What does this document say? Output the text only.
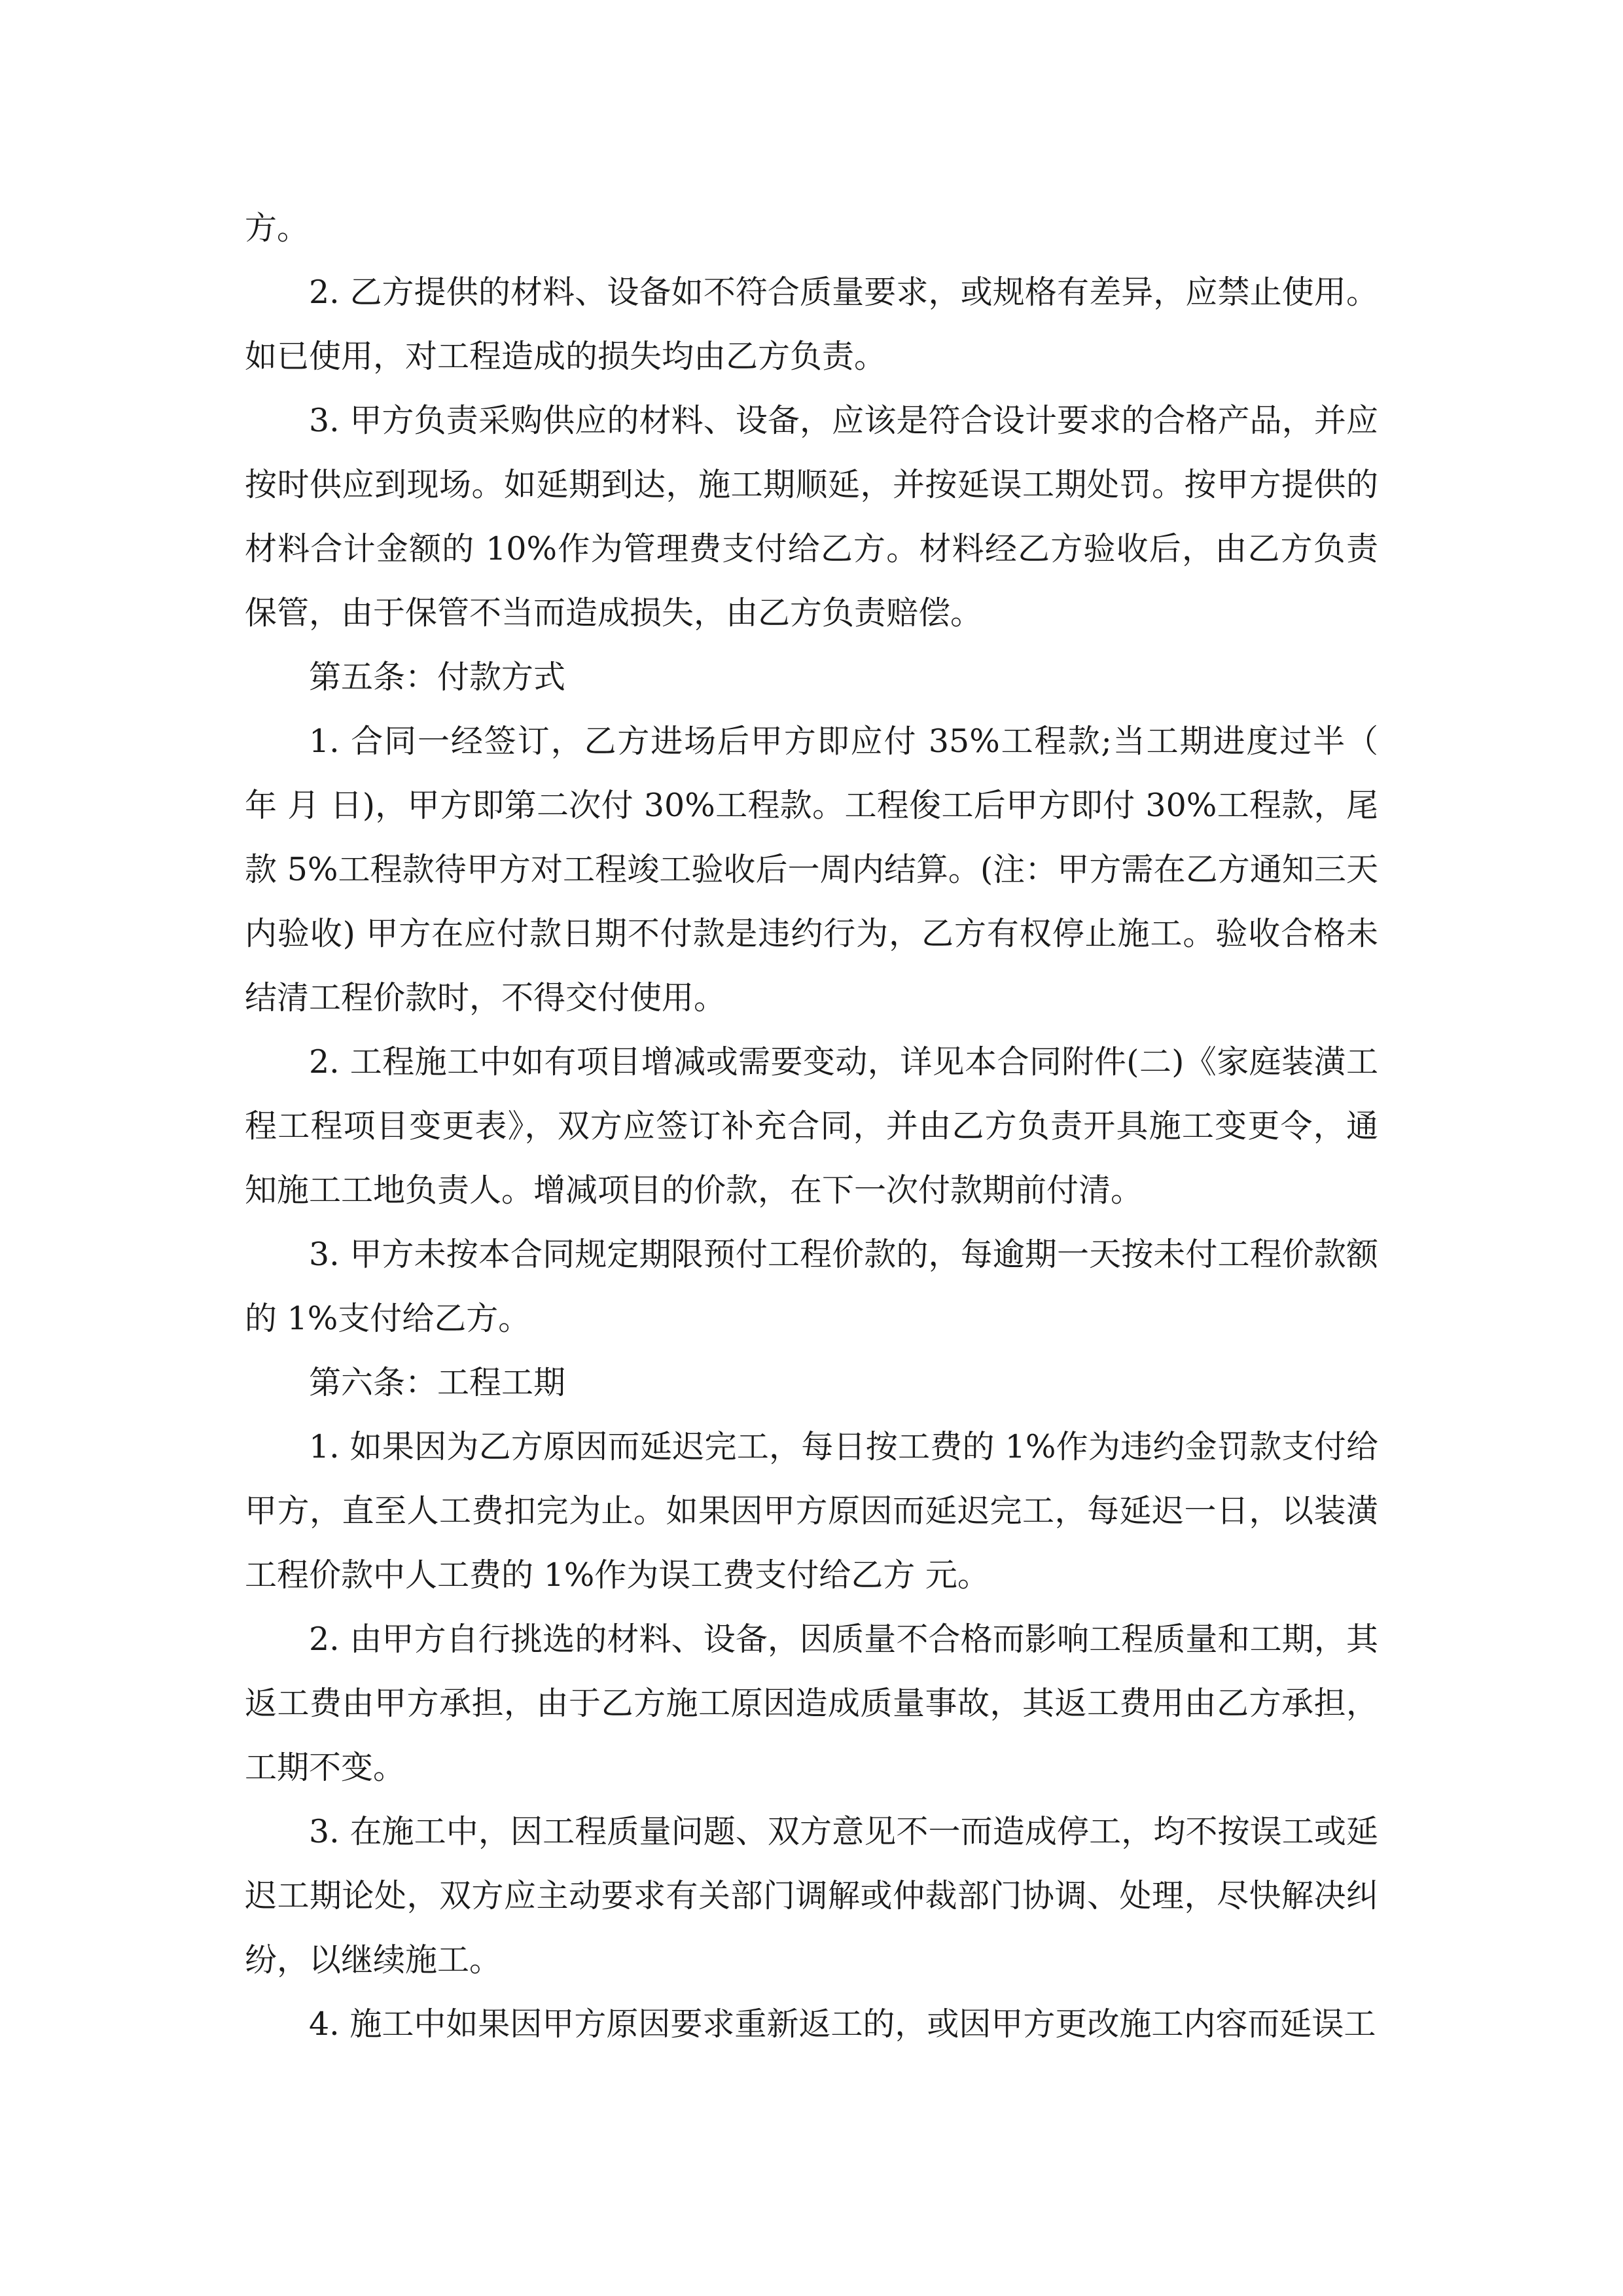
方。

2. 乙方提供的材料、设备如不符合质量要求，或规格有差异，应禁止使用。如已使用，对工程造成的损失均由乙方负责。

3. 甲方负责采购供应的材料、设备，应该是符合设计要求的合格产品，并应按时供应到现场。如延期到达，施工期顺延，并按延误工期处罚。按甲方提供的材料合计金额的 10%作为管理费支付给乙方。材料经乙方验收后，由乙方负责保管，由于保管不当而造成损失，由乙方负责赔偿。

第五条：付款方式

1. 合同一经签订，乙方进场后甲方即应付 35%工程款;当工期进度过半（ 年 月 日)，甲方即第二次付 30%工程款。工程俊工后甲方即付 30%工程款，尾款 5%工程款待甲方对工程竣工验收后一周内结算。(注：甲方需在乙方通知三天内验收) 甲方在应付款日期不付款是违约行为，乙方有权停止施工。验收合格未结清工程价款时，不得交付使用。

2. 工程施工中如有项目增减或需要变动，详见本合同附件(二)《家庭装潢工程工程项目变更表》，双方应签订补充合同，并由乙方负责开具施工变更令，通知施工工地负责人。增减项目的价款，在下一次付款期前付清。

3. 甲方未按本合同规定期限预付工程价款的，每逾期一天按未付工程价款额的 1%支付给乙方。

第六条：工程工期

1. 如果因为乙方原因而延迟完工，每日按工费的 1%作为违约金罚款支付给甲方，直至人工费扣完为止。如果因甲方原因而延迟完工，每延迟一日，以装潢工程价款中人工费的 1%作为误工费支付给乙方 元。

2. 由甲方自行挑选的材料、设备，因质量不合格而影响工程质量和工期，其返工费由甲方承担，由于乙方施工原因造成质量事故，其返工费用由乙方承担，工期不变。

3. 在施工中，因工程质量问题、双方意见不一而造成停工，均不按误工或延迟工期论处，双方应主动要求有关部门调解或仲裁部门协调、处理，尽快解决纠纷，以继续施工。

4. 施工中如果因甲方原因要求重新返工的，或因甲方更改施工内容而延误工
